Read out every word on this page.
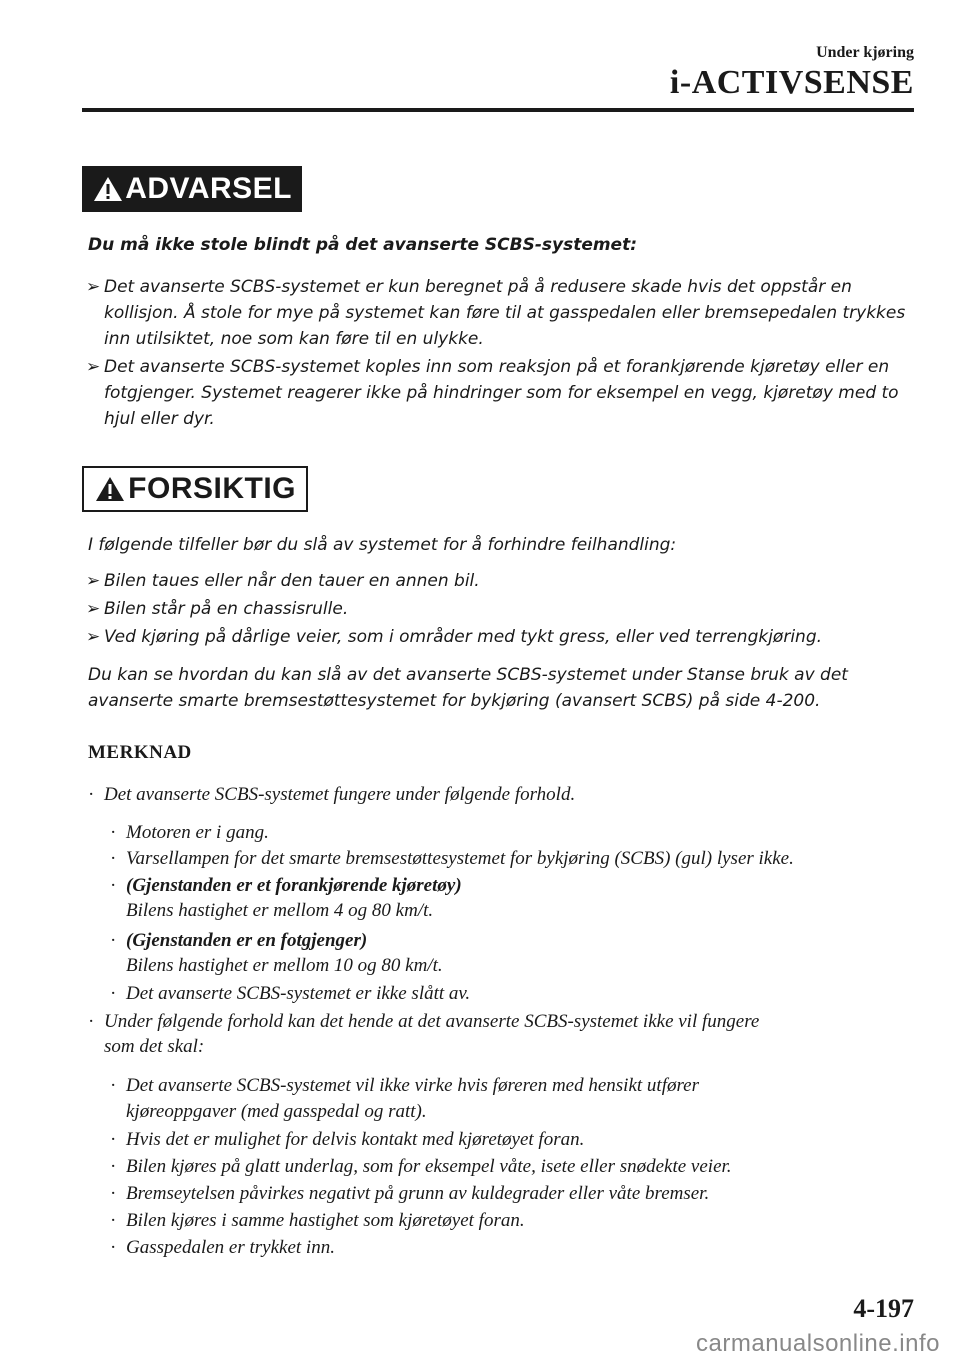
Under kjøring
i-ACTIVSENSE
ADVARSEL
Du må ikke stole blindt på det avanserte SCBS-systemet:
➢ Det avanserte SCBS-systemet er kun beregnet på å redusere skade hvis det oppstår en kollisjon. Å stole for mye på systemet kan føre til at gasspedalen eller bremsepedalen trykkes inn utilsiktet, noe som kan føre til en ulykke.
➢ Det avanserte SCBS-systemet koples inn som reaksjon på et forankjørende kjøretøy eller en fotgjenger. Systemet reagerer ikke på hindringer som for eksempel en vegg, kjøretøy med to hjul eller dyr.
FORSIKTIG
I følgende tilfeller bør du slå av systemet for å forhindre feilhandling:
➢ Bilen taues eller når den tauer en annen bil.
➢ Bilen står på en chassisrulle.
➢ Ved kjøring på dårlige veier, som i områder med tykt gress, eller ved terrengkjøring.
Du kan se hvordan du kan slå av det avanserte SCBS-systemet under Stanse bruk av det avanserte smarte bremsestøttesystemet for bykjøring (avansert SCBS) på side 4-200.
MERKNAD
· Det avanserte SCBS-systemet fungere under følgende forhold.
· Motoren er i gang.
· Varsellampen for det smarte bremsestøttesystemet for bykjøring (SCBS) (gul) lyser ikke.
· (Gjenstanden er et forankjørende kjøretøy)
Bilens hastighet er mellom 4 og 80 km/t.
· (Gjenstanden er en fotgjenger)
Bilens hastighet er mellom 10 og 80 km/t.
· Det avanserte SCBS-systemet er ikke slått av.
· Under følgende forhold kan det hende at det avanserte SCBS-systemet ikke vil fungere
som det skal:
· Det avanserte SCBS-systemet vil ikke virke hvis føreren med hensikt utfører
kjøreoppgaver (med gasspedal og ratt).
· Hvis det er mulighet for delvis kontakt med kjøretøyet foran.
· Bilen kjøres på glatt underlag, som for eksempel våte, isete eller snødekte veier.
· Bremseytelsen påvirkes negativt på grunn av kuldegrader eller våte bremser.
· Bilen kjøres i samme hastighet som kjøretøyet foran.
· Gasspedalen er trykket inn.
4-197
carmanualsonline.info
